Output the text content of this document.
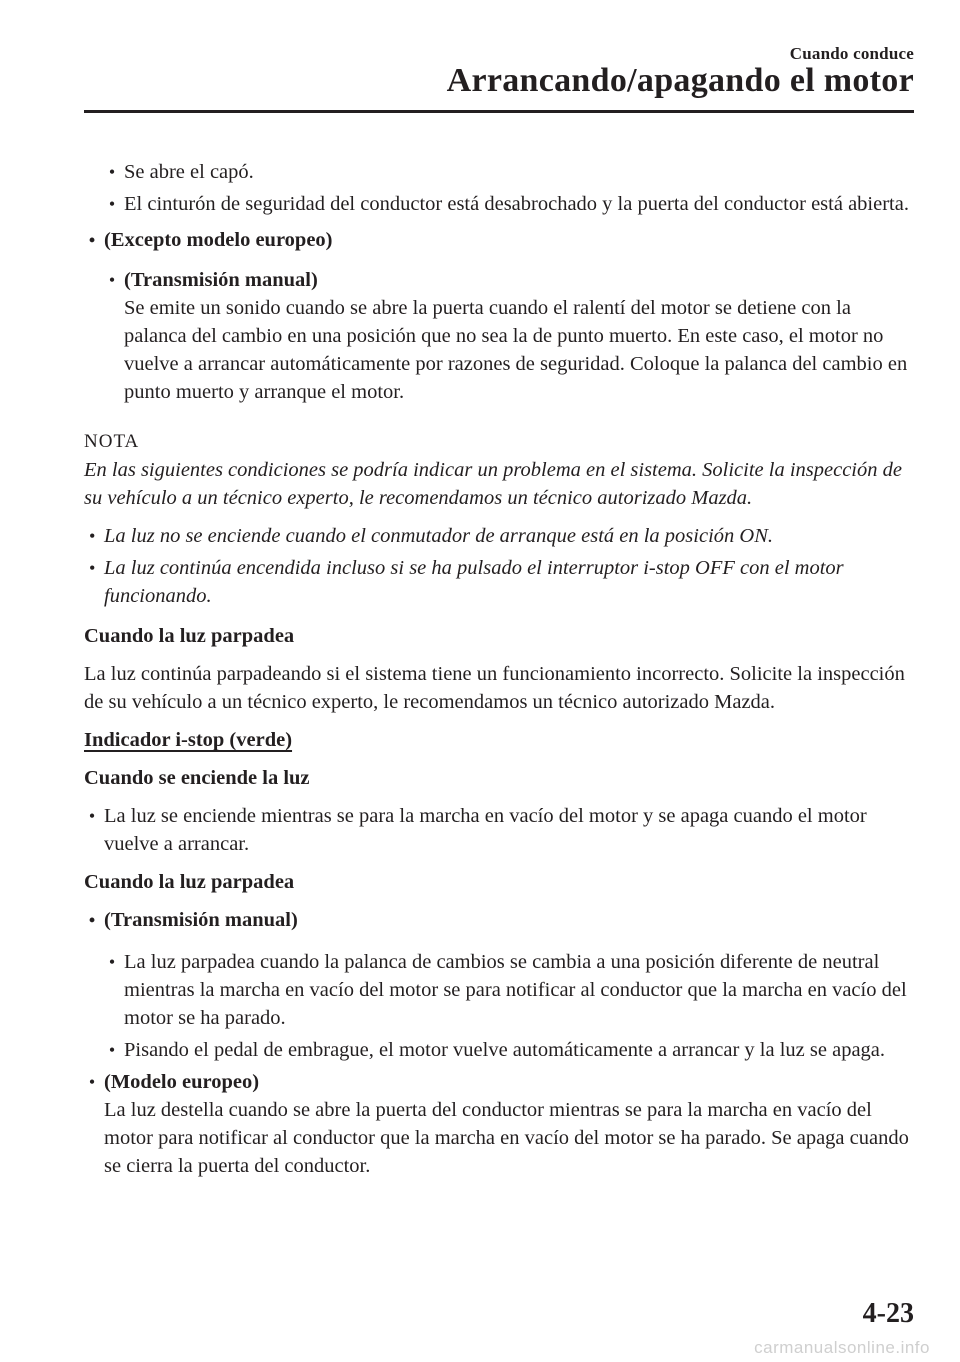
Cuando conduce
Arrancando/apagando el motor

• Se abre el capó.

• El cinturón de seguridad del conductor está desabrochado y la puerta del conductor está abierta.

• (Excepto modelo europeo)

• (Transmisión manual)
Se emite un sonido cuando se abre la puerta cuando el ralentí del motor se detiene con la palanca del cambio en una posición que no sea la de punto muerto. En este caso, el motor no vuelve a arrancar automáticamente por razones de seguridad. Coloque la palanca del cambio en punto muerto y arranque el motor.

NOTA

En las siguientes condiciones se podría indicar un problema en el sistema. Solicite la inspección de su vehículo a un técnico experto, le recomendamos un técnico autorizado Mazda.

• La luz no se enciende cuando el conmutador de arranque está en la posición ON.

• La luz continúa encendida incluso si se ha pulsado el interruptor i-stop OFF con el motor funcionando.

Cuando la luz parpadea

La luz continúa parpadeando si el sistema tiene un funcionamiento incorrecto. Solicite la inspección de su vehículo a un técnico experto, le recomendamos un técnico autorizado Mazda.

Indicador i-stop (verde)

Cuando se enciende la luz

• La luz se enciende mientras se para la marcha en vacío del motor y se apaga cuando el motor vuelve a arrancar.

Cuando la luz parpadea

• (Transmisión manual)

• La luz parpadea cuando la palanca de cambios se cambia a una posición diferente de neutral mientras la marcha en vacío del motor se para notificar al conductor que la marcha en vacío del motor se ha parado.

• Pisando el pedal de embrague, el motor vuelve automáticamente a arrancar y la luz se apaga.

• (Modelo europeo)
La luz destella cuando se abre la puerta del conductor mientras se para la marcha en vacío del motor para notificar al conductor que la marcha en vacío del motor se ha parado. Se apaga cuando se cierra la puerta del conductor.

4-23
carmanualsonline.info
